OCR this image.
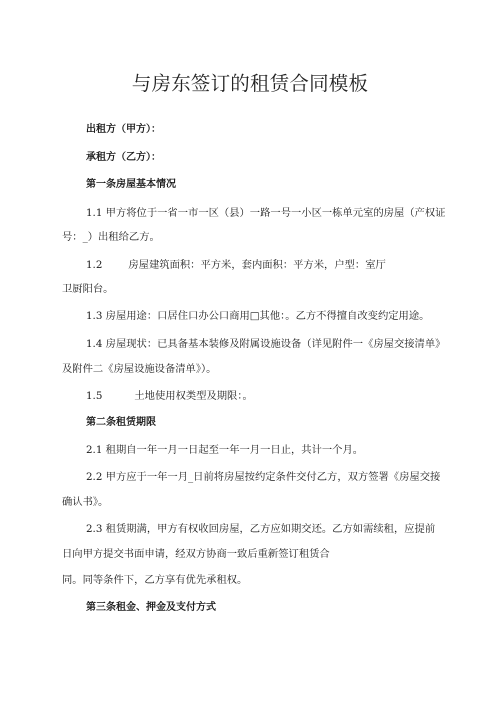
与房东签订的租赁合同模板
出租方（甲方）：
承租方（乙方）：
第一条房屋基本情况
1.1 甲方将位于一省一市一区（县）一路一号一小区一栋单元室的房屋（产权证
号：_）出租给乙方。
1.2	房屋建筑面积：平方米，套内面积：平方米，户型：室厅
卫厨阳台。
1.3 房屋用途：口居住口办公口商用□其他：。乙方不得擅自改变约定用途。
1.4 房屋现状：已具备基本装修及附属设施设备（详见附件一《房屋交接清单》
及附件二《房屋设施设备清单》）。
1.5	土地使用权类型及期限：。
第二条租赁期限
2.1 租期自一年一月一日起至一年一月一日止，共计一个月。
2.2 甲方应于一年一月_日前将房屋按约定条件交付乙方，双方签署《房屋交接
确认书》。
2.3 租赁期满，甲方有权收回房屋，乙方应如期交还。乙方如需续租，应提前
日向甲方提交书面申请，经双方协商一致后重新签订租赁合
同。同等条件下，乙方享有优先承租权。
第三条租金、押金及支付方式
